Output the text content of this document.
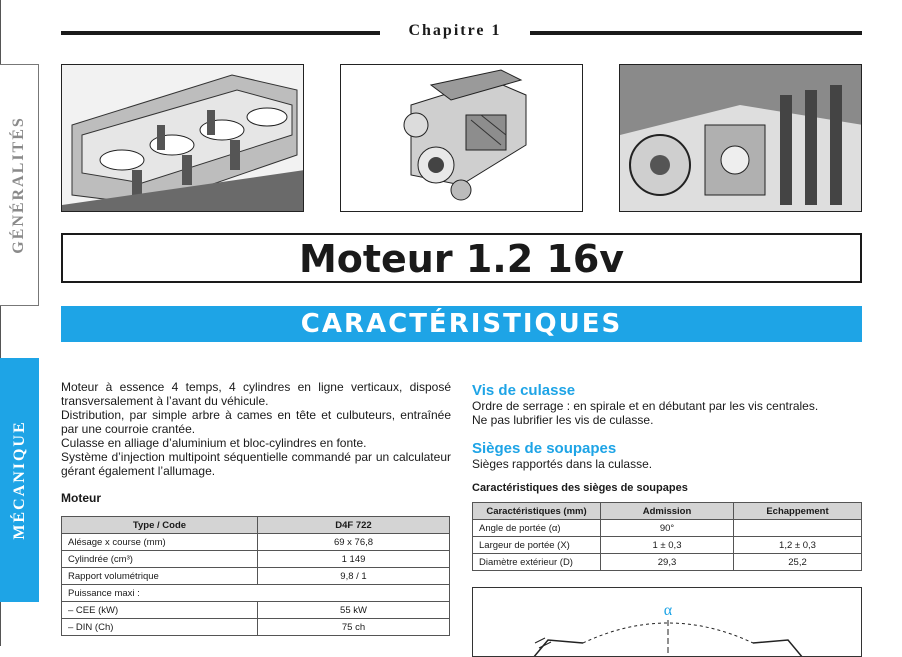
Chapitre 1
GÉNÉRALITÉS
MÉCANIQUE
Moteur 1.2 16v
CARACTÉRISTIQUES

Moteur à essence 4 temps, 4 cylindres en ligne verticaux, disposé transversalement à l’avant du véhicule.

Distribution, par simple arbre à cames en tête et culbuteurs, entraînée par une courroie crantée.

Culasse en alliage d’aluminium et bloc-cylindres en fonte.

Système d’injection multipoint séquentielle commandé par un calculateur gérant également l’allumage.

Moteur
Type / Code	D4F 722
Alésage x course (mm)	69 x 76,8
Cylindrée (cm³)	1 149
Rapport volumétrique	9,8 / 1
Puissance maxi :	
– CEE (kW)	55 kW
– DIN (Ch)	75 ch
Vis de culasse
Ordre de serrage : en spirale et en débutant par les vis centrales.
Ne pas lubrifier les vis de culasse.
Sièges de soupapes
Sièges rapportés dans la culasse.
Caractéristiques des sièges de soupapes
Caractéristiques (mm)	Admission	Echappement
Angle de portée (α)	90°	
Largeur de portée (X)	1 ± 0,3	1,2 ± 0,3
Diamètre extérieur (D)	29,3	25,2
α
